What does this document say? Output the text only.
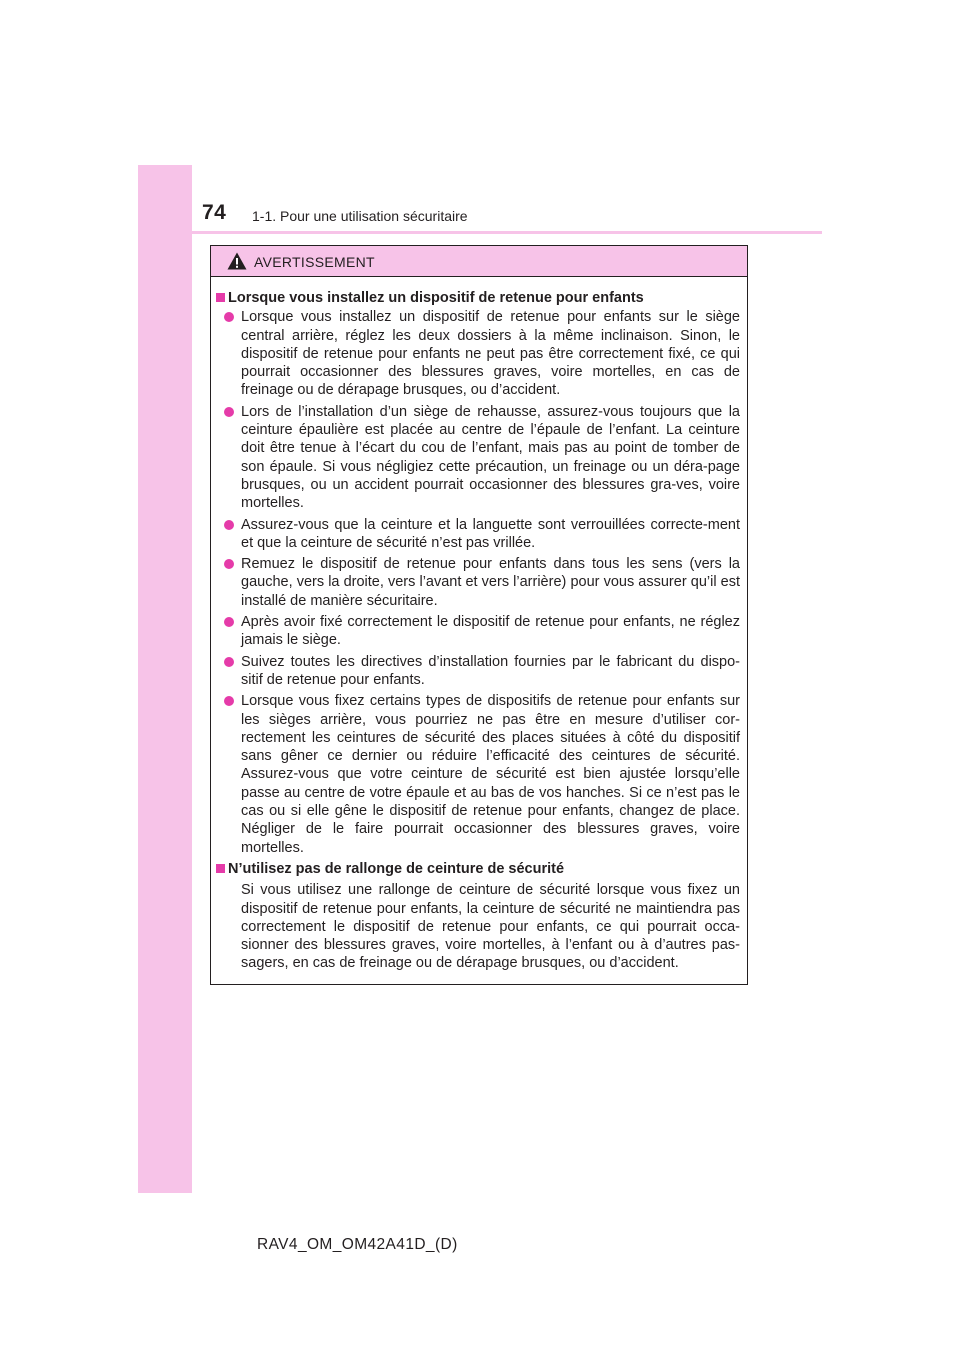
74 1-1. Pour une utilisation sécuritaire
AVERTISSEMENT
Lorsque vous installez un dispositif de retenue pour enfants
Lorsque vous installez un dispositif de retenue pour enfants sur le siège central arrière, réglez les deux dossiers à la même inclinaison. Sinon, le dispositif de retenue pour enfants ne peut pas être correctement fixé, ce qui pourrait occasionner des blessures graves, voire mortelles, en cas de freinage ou de dérapage brusques, ou d’accident.
Lors de l’installation d’un siège de rehausse, assurez-vous toujours que la ceinture épaulière est placée au centre de l’épaule de l’enfant. La ceinture doit être tenue à l’écart du cou de l’enfant, mais pas au point de tomber de son épaule. Si vous négligiez cette précaution, un freinage ou un déra-page brusques, ou un accident pourrait occasionner des blessures gra-ves, voire mortelles.
Assurez-vous que la ceinture et la languette sont verrouillées correcte-ment et que la ceinture de sécurité n’est pas vrillée.
Remuez le dispositif de retenue pour enfants dans tous les sens (vers la gauche, vers la droite, vers l’avant et vers l’arrière) pour vous assurer qu’il est installé de manière sécuritaire.
Après avoir fixé correctement le dispositif de retenue pour enfants, ne réglez jamais le siège.
Suivez toutes les directives d’installation fournies par le fabricant du dispo-sitif de retenue pour enfants.
Lorsque vous fixez certains types de dispositifs de retenue pour enfants sur les sièges arrière, vous pourriez ne pas être en mesure d’utiliser cor-rectement les ceintures de sécurité des places situées à côté du dispositif sans gêner ce dernier ou réduire l’efficacité des ceintures de sécurité. Assurez-vous que votre ceinture de sécurité est bien ajustée lorsqu’elle passe au centre de votre épaule et au bas de vos hanches. Si ce n’est pas le cas ou si elle gêne le dispositif de retenue pour enfants, changez de place. Négliger de le faire pourrait occasionner des blessures graves, voire mortelles.
N’utilisez pas de rallonge de ceinture de sécurité
Si vous utilisez une rallonge de ceinture de sécurité lorsque vous fixez un dispositif de retenue pour enfants, la ceinture de sécurité ne maintiendra pas correctement le dispositif de retenue pour enfants, ce qui pourrait occa-sionner des blessures graves, voire mortelles, à l’enfant ou à d’autres pas-sagers, en cas de freinage ou de dérapage brusques, ou d’accident.
RAV4_OM_OM42A41D_(D)
